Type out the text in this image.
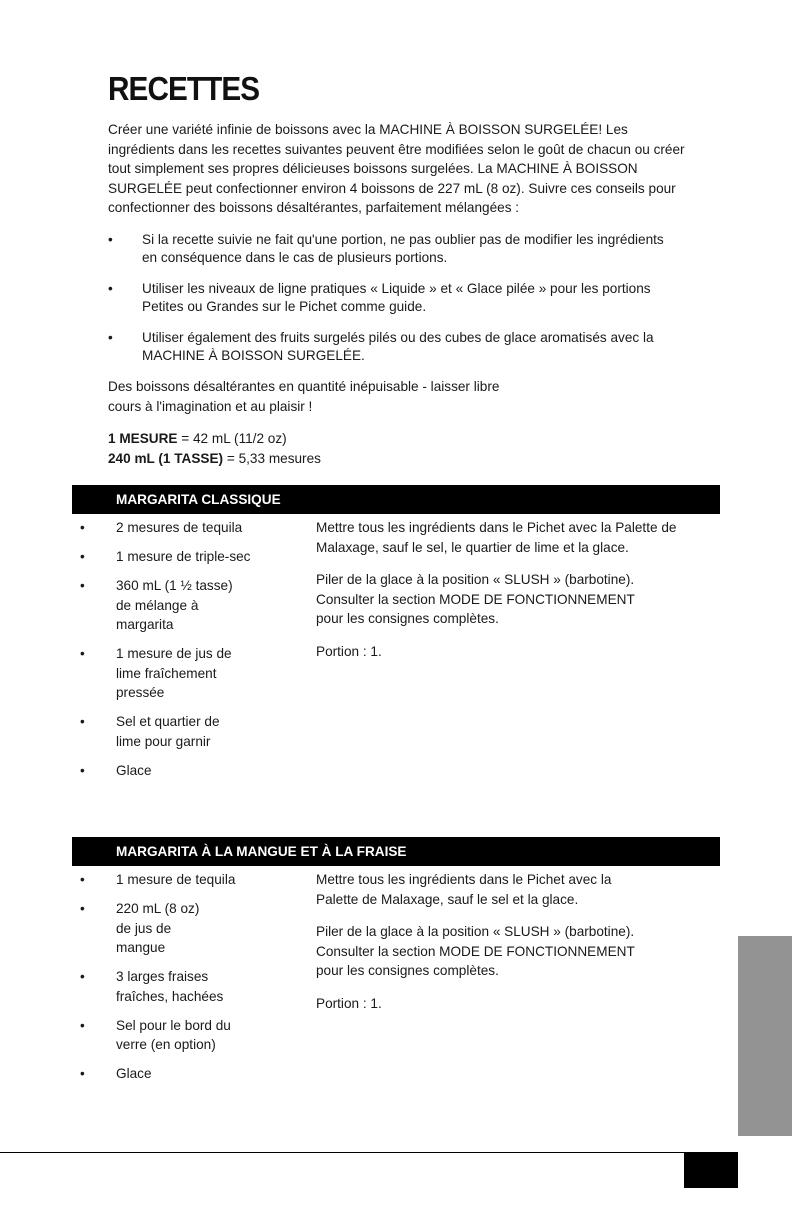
RECETTES

Créer une variété infinie de boissons avec la MACHINE À BOISSON SURGELÉE! Les ingrédients dans les recettes suivantes peuvent être modifiées selon le goût de chacun ou créer tout simplement ses propres délicieuses boissons surgelées. La MACHINE À BOISSON SURGELÉE peut confectionner environ 4 boissons de 227 mL (8 oz). Suivre ces conseils pour confectionner des boissons désaltérantes, parfaitement mélangées :

• Si la recette suivie ne fait qu'une portion, ne pas oublier pas de modifier les ingrédients en conséquence dans le cas de plusieurs portions.
• Utiliser les niveaux de ligne pratiques « Liquide » et « Glace pilée » pour les portions Petites ou Grandes sur le Pichet comme guide.
• Utiliser également des fruits surgelés pilés ou des cubes de glace aromatisés avec la MACHINE À BOISSON SURGELÉE.

Des boissons désaltérantes en quantité inépuisable - laisser libre cours à l'imagination et au plaisir !

1 MESURE = 42 mL (11/2 oz)
240 mL (1 TASSE) = 5,33 mesures
MARGARITA CLASSIQUE
• 2 mesures de tequila
• 1 mesure de triple-sec
• 360 mL (1 ½ tasse) de mélange à margarita
• 1 mesure de jus de lime fraîchement pressée
• Sel et quartier de lime pour garnir
• Glace

Mettre tous les ingrédients dans le Pichet avec la Palette de Malaxage, sauf le sel, le quartier de lime et la glace.

Piler de la glace à la position « SLUSH » (barbotine). Consulter la section MODE DE FONCTIONNEMENT pour les consignes complètes.

Portion : 1.

MARGARITA À LA MANGUE ET À LA FRAISE
• 1 mesure de tequila
• 220 mL (8 oz) de jus de mangue
• 3 larges fraises fraîches, hachées
• Sel pour le bord du verre (en option)
• Glace

Mettre tous les ingrédients dans le Pichet avec la Palette de Malaxage, sauf le sel et la glace.

Piler de la glace à la position « SLUSH » (barbotine). Consulter la section MODE DE FONCTIONNEMENT pour les consignes complètes.

Portion : 1.
